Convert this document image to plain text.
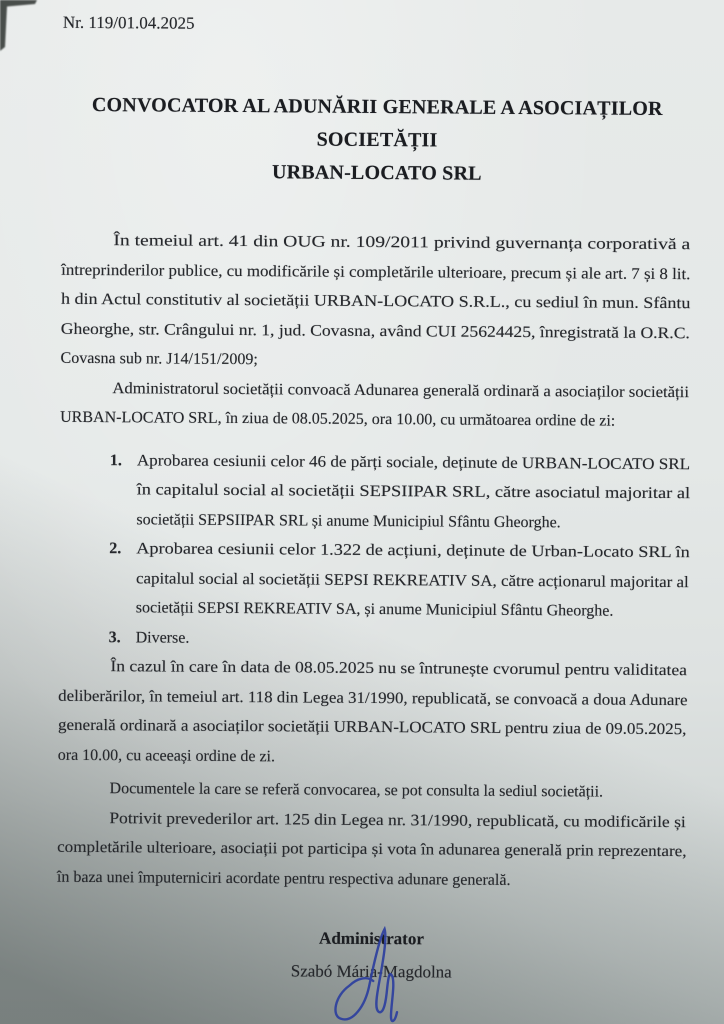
Nr. 119/01.04.2025
CONVOCATOR AL ADUNĂRII GENERALE A ASOCIAȚILOR SOCIETĂȚII
URBAN-LOCATO SRL
În temeiul art. 41 din OUG nr. 109/2011 privind guvernanța corporativă a
întreprinderilor publice, cu modificările și completările ulterioare, precum și ale art. 7 și 8 lit.
h din Actul constitutiv al societății URBAN-LOCATO S.R.L., cu sediul în mun. Sfântu
Gheorghe, str. Crângului nr. 1, jud. Covasna, având CUI 25624425, înregistrată la O.R.C.
Covasna sub nr. J14/151/2009;
Administratorul societății convoacă Adunarea generală ordinară a asociaților societății
URBAN-LOCATO SRL, în ziua de 08.05.2025, ora 10.00, cu următoarea ordine de zi:
1. Aprobarea cesiunii celor 46 de părți sociale, deținute de URBAN-LOCATO SRL
în capitalul social al societății SEPSIIPAR SRL, către asociatul majoritar al
societății SEPSIIPAR SRL și anume Municipiul Sfântu Gheorghe.
2. Aprobarea cesiunii celor 1.322 de acțiuni, deținute de Urban-Locato SRL în
capitalul social al societății SEPSI REKREATIV SA, către acționarul majoritar al
societății SEPSI REKREATIV SA, și anume Municipiul Sfântu Gheorghe.
3. Diverse.
În cazul în care în data de 08.05.2025 nu se întrunește cvorumul pentru validitatea
deliberărilor, în temeiul art. 118 din Legea 31/1990, republicată, se convoacă a doua Adunare
generală ordinară a asociaților societății URBAN-LOCATO SRL pentru ziua de 09.05.2025,
ora 10.00, cu aceeași ordine de zi.
Documentele la care se referă convocarea, se pot consulta la sediul societății.
Potrivit prevederilor art. 125 din Legea nr. 31/1990, republicată, cu modificările și
completările ulterioare, asociații pot participa și vota în adunarea generală prin reprezentare,
în baza unei împuterniciri acordate pentru respectiva adunare generală.
Administrator
Szabó Mária-Magdolna
